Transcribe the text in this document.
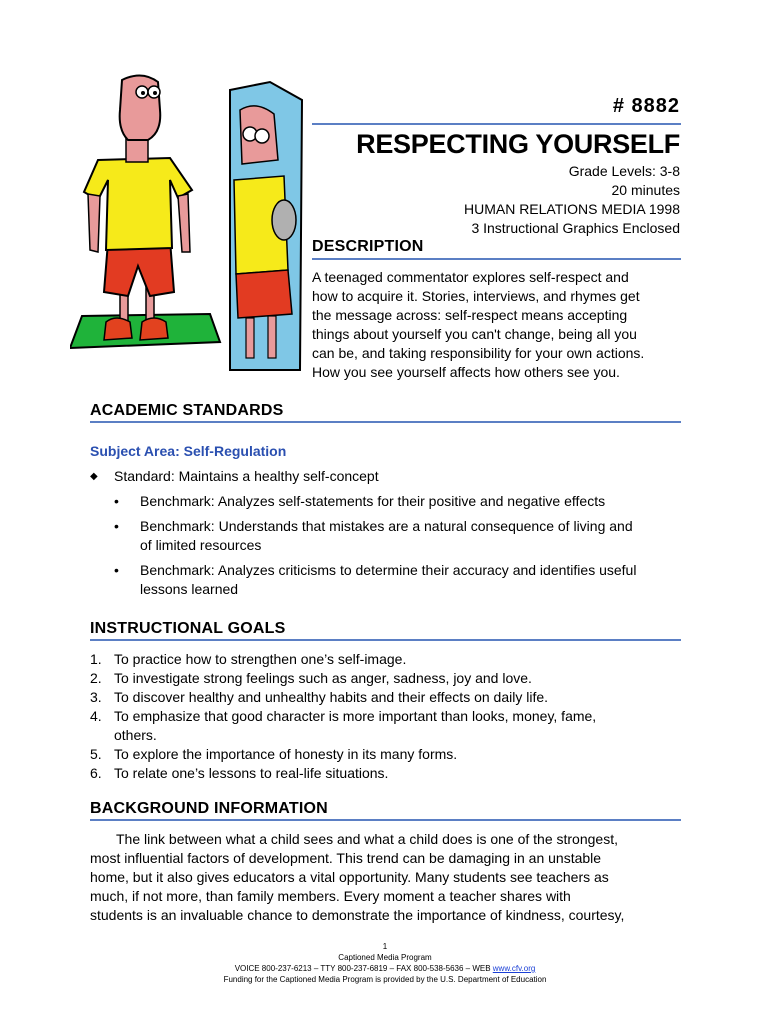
# 8882
RESPECTING YOURSELF
Grade Levels: 3-8
20 minutes
HUMAN RELATIONS MEDIA 1998
3 Instructional Graphics Enclosed
DESCRIPTION
A teenaged commentator explores self-respect and
how to acquire it. Stories, interviews, and rhymes get
the message across: self-respect means accepting
things about yourself you can't change, being all you
can be, and taking responsibility for your own actions.
How you see yourself affects how others see you.
ACADEMIC STANDARDS
Subject Area: Self-Regulation
◆ Standard: Maintains a healthy self-concept
• Benchmark: Analyzes self-statements for their positive and negative effects
• Benchmark: Understands that mistakes are a natural consequence of living and
of limited resources
• Benchmark: Analyzes criticisms to determine their accuracy and identifies useful
lessons learned
INSTRUCTIONAL GOALS
1. To practice how to strengthen one’s self-image.
2. To investigate strong feelings such as anger, sadness, joy and love.
3. To discover healthy and unhealthy habits and their effects on daily life.
4. To emphasize that good character is more important than looks, money, fame,
others.
5. To explore the importance of honesty in its many forms.
6. To relate one’s lessons to real-life situations.
BACKGROUND INFORMATION
The link between what a child sees and what a child does is one of the strongest,
most influential factors of development. This trend can be damaging in an unstable
home, but it also gives educators a vital opportunity. Many students see teachers as
much, if not more, than family members. Every moment a teacher shares with
students is an invaluable chance to demonstrate the importance of kindness, courtesy,
1
Captioned Media Program
VOICE 800-237-6213 – TTY 800-237-6819 – FAX 800-538-5636 – WEB www.cfv.org
Funding for the Captioned Media Program is provided by the U.S. Department of Education
